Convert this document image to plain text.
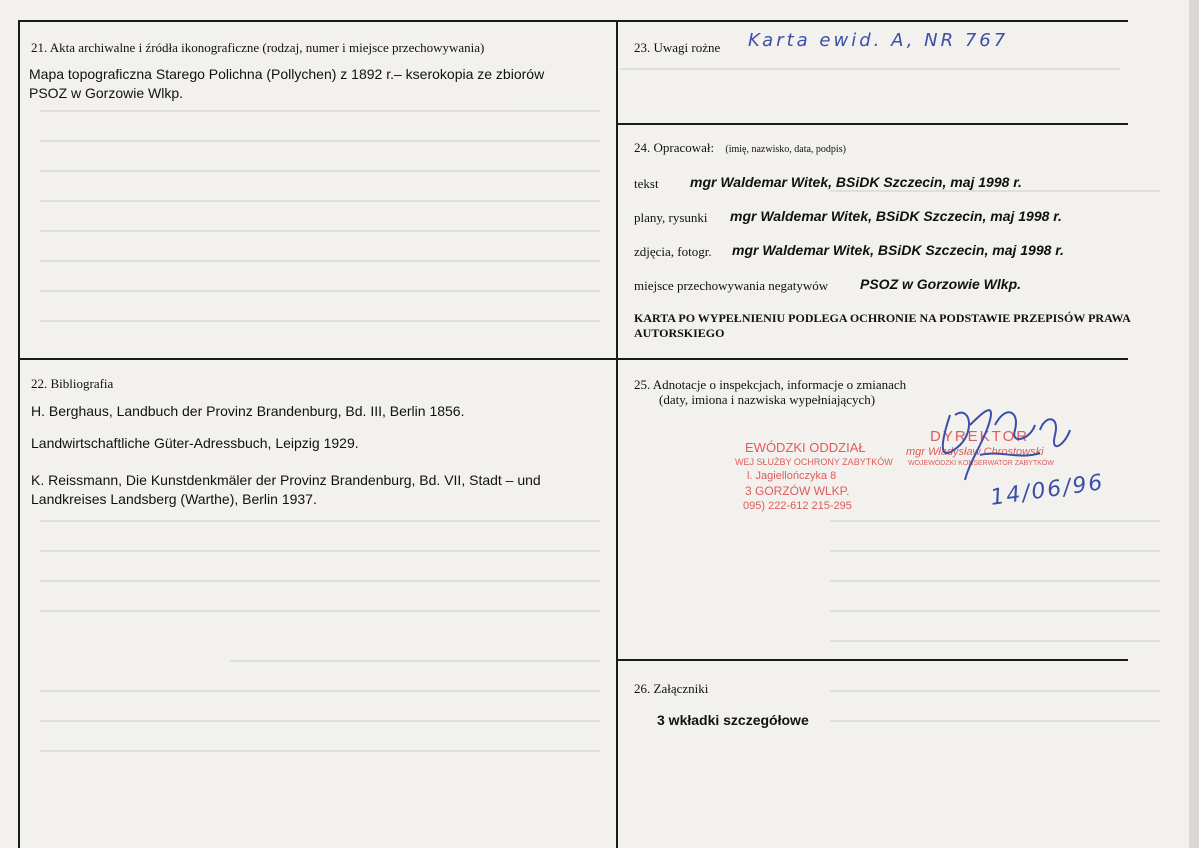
21. Akta archiwalne i źródła ikonograficzne (rodzaj, numer i miejsce przechowywania)
Mapa topograficzna Starego Polichna (Pollychen) z 1892 r.– kserokopia ze zbiorów
PSOZ w Gorzowie Wlkp.
22. Bibliografia
H. Berghaus, Landbuch der Provinz Brandenburg, Bd. III, Berlin 1856.
Landwirtschaftliche Güter-Adressbuch, Leipzig 1929.
K. Reissmann, Die Kunstdenkmäler der Provinz Brandenburg, Bd. VII, Stadt – und
Landkreises Landsberg (Warthe), Berlin 1937.
23. Uwagi rożne Karta ewid. A, NR 767
24. Opracował: (imię, nazwisko, data, podpis)
tekst mgr Waldemar Witek, BSiDK Szczecin, maj 1998 r.
plany, rysunki mgr Waldemar Witek, BSiDK Szczecin, maj 1998 r.
zdjęcia, fotogr. mgr Waldemar Witek, BSiDK Szczecin, maj 1998 r.
miejsce przechowywania negatywów PSOZ w Gorzowie Wlkp.
KARTA PO WYPEŁNIENIU PODLEGA OCHRONIE NA PODSTAWIE PRZEPISÓW PRAWA AUTORSKIEGO
25. Adnotacje o inspekcjach, informacje o zmianach
(daty, imiona i nazwiska wypełniających)
EWÓDZKI ODDZIAŁ
WEJ SŁUŻBY OCHRONY ZABYTKÓW
l. Jagiellończyka 8
3 GORZÓW WLKP.
095) 222-612 215-295
DYREKTOR
mgr Władysław Chrostowski
WOJEWÓDZKI KONSERWATOR ZABYTKÓW
14/06/96
26. Załączniki
3 wkładki szczegółowe
